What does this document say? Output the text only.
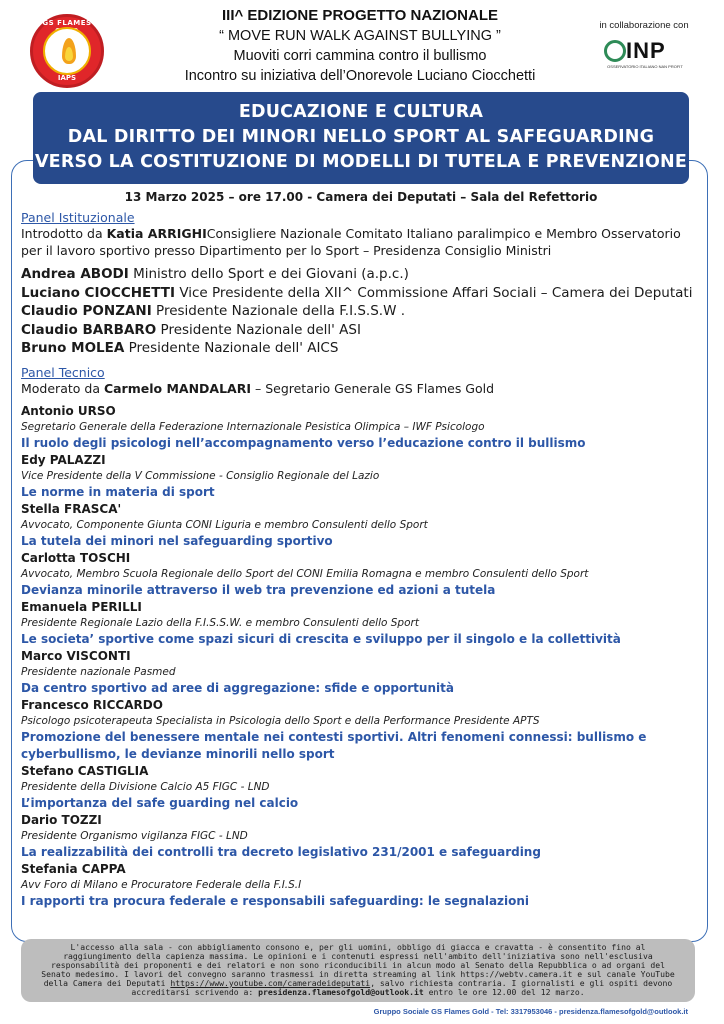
GS FLAMES
IAPS
III^ EDIZIONE PROGETTO NAZIONALE
“ MOVE RUN WALK AGAINST BULLYING ”
Muoviti corri cammina contro il bullismo
Incontro su iniziativa dell’Onorevole Luciano Ciocchetti
in collaborazione con
INP
OSSERVATORIO ITALIANO NAN PROFIT
EDUCAZIONE E CULTURA
DAL DIRITTO DEI MINORI NELLO SPORT AL SAFEGUARDING
VERSO LA COSTITUZIONE DI MODELLI DI TUTELA E PREVENZIONE
13 Marzo 2025 – ore 17.00 - Camera dei Deputati – Sala del Refettorio
Panel Istituzionale
Introdotto da Katia ARRIGHIConsigliere Nazionale Comitato Italiano paralimpico e Membro Osservatorio per il lavoro sportivo presso Dipartimento per lo Sport – Presidenza Consiglio Ministri
Andrea ABODI Ministro dello Sport e dei Giovani (a.p.c.)
Luciano CIOCCHETTI Vice Presidente della XII^ Commissione Affari Sociali – Camera dei Deputati
Claudio PONZANI Presidente Nazionale della F.I.S.S.W .
Claudio BARBARO Presidente Nazionale dell' ASI
Bruno MOLEA Presidente Nazionale dell' AICS
Panel Tecnico
Moderato da Carmelo MANDALARI – Segretario Generale GS Flames Gold
Antonio URSO
Segretario Generale della Federazione Internazionale Pesistica Olimpica – IWF Psicologo
Il ruolo degli psicologi nell’accompagnamento verso l’educazione contro il bullismo
Edy PALAZZI
Vice Presidente della V Commissione - Consiglio Regionale del Lazio
Le norme in materia di sport
Stella FRASCA'
Avvocato, Componente Giunta CONI Liguria e membro Consulenti dello Sport
La tutela dei minori nel safeguarding sportivo
Carlotta TOSCHI
Avvocato, Membro Scuola Regionale dello Sport del CONI Emilia Romagna e membro Consulenti dello Sport
Devianza minorile attraverso il web tra prevenzione ed azioni a tutela
Emanuela PERILLI
Presidente Regionale Lazio della F.I.S.S.W. e membro Consulenti dello Sport
Le societa’ sportive come spazi sicuri di crescita e sviluppo per il singolo e la collettività
Marco VISCONTI
Presidente nazionale Pasmed
Da centro sportivo ad aree di aggregazione: sfide e opportunità
Francesco RICCARDO
Psicologo psicoterapeuta Specialista in Psicologia dello Sport e della Performance Presidente APTS
Promozione del benessere mentale nei contesti sportivi. Altri fenomeni connessi: bullismo e cyberbullismo, le devianze minorili nello sport
Stefano CASTIGLIA
Presidente della Divisione Calcio A5 FIGC - LND
L’importanza del safe guarding nel calcio
Dario TOZZI
Presidente Organismo vigilanza FIGC - LND
La realizzabilità dei controlli tra decreto legislativo 231/2001 e safeguarding
Stefania CAPPA
Avv Foro di Milano e Procuratore Federale della F.I.S.I
I rapporti tra procura federale e responsabili safeguarding: le segnalazioni
L'accesso alla sala - con abbigliamento consono e, per gli uomini, obbligo di giacca e cravatta - è consentito fino al raggiungimento della capienza massima. Le opinioni e i contenuti espressi nell'ambito dell'iniziativa sono nell'esclusiva responsabilità dei proponenti e dei relatori e non sono riconducibili in alcun modo al Senato della Repubblica o ad organi del Senato medesimo. I lavori del convegno saranno trasmessi in diretta streaming al link https://webtv.camera.it e sul canale YouTube della Camera dei Deputati https://www.youtube.com/cameradeideputati, salvo richiesta contraria. I giornalisti e gli ospiti devono accreditarsi scrivendo a: presidenza.flamesofgold@outlook.it entro le ore 12.00 del 12 marzo.
Gruppo Sociale GS Flames Gold - Tel: 3317953046 - presidenza.flamesofgold@outlook.it
